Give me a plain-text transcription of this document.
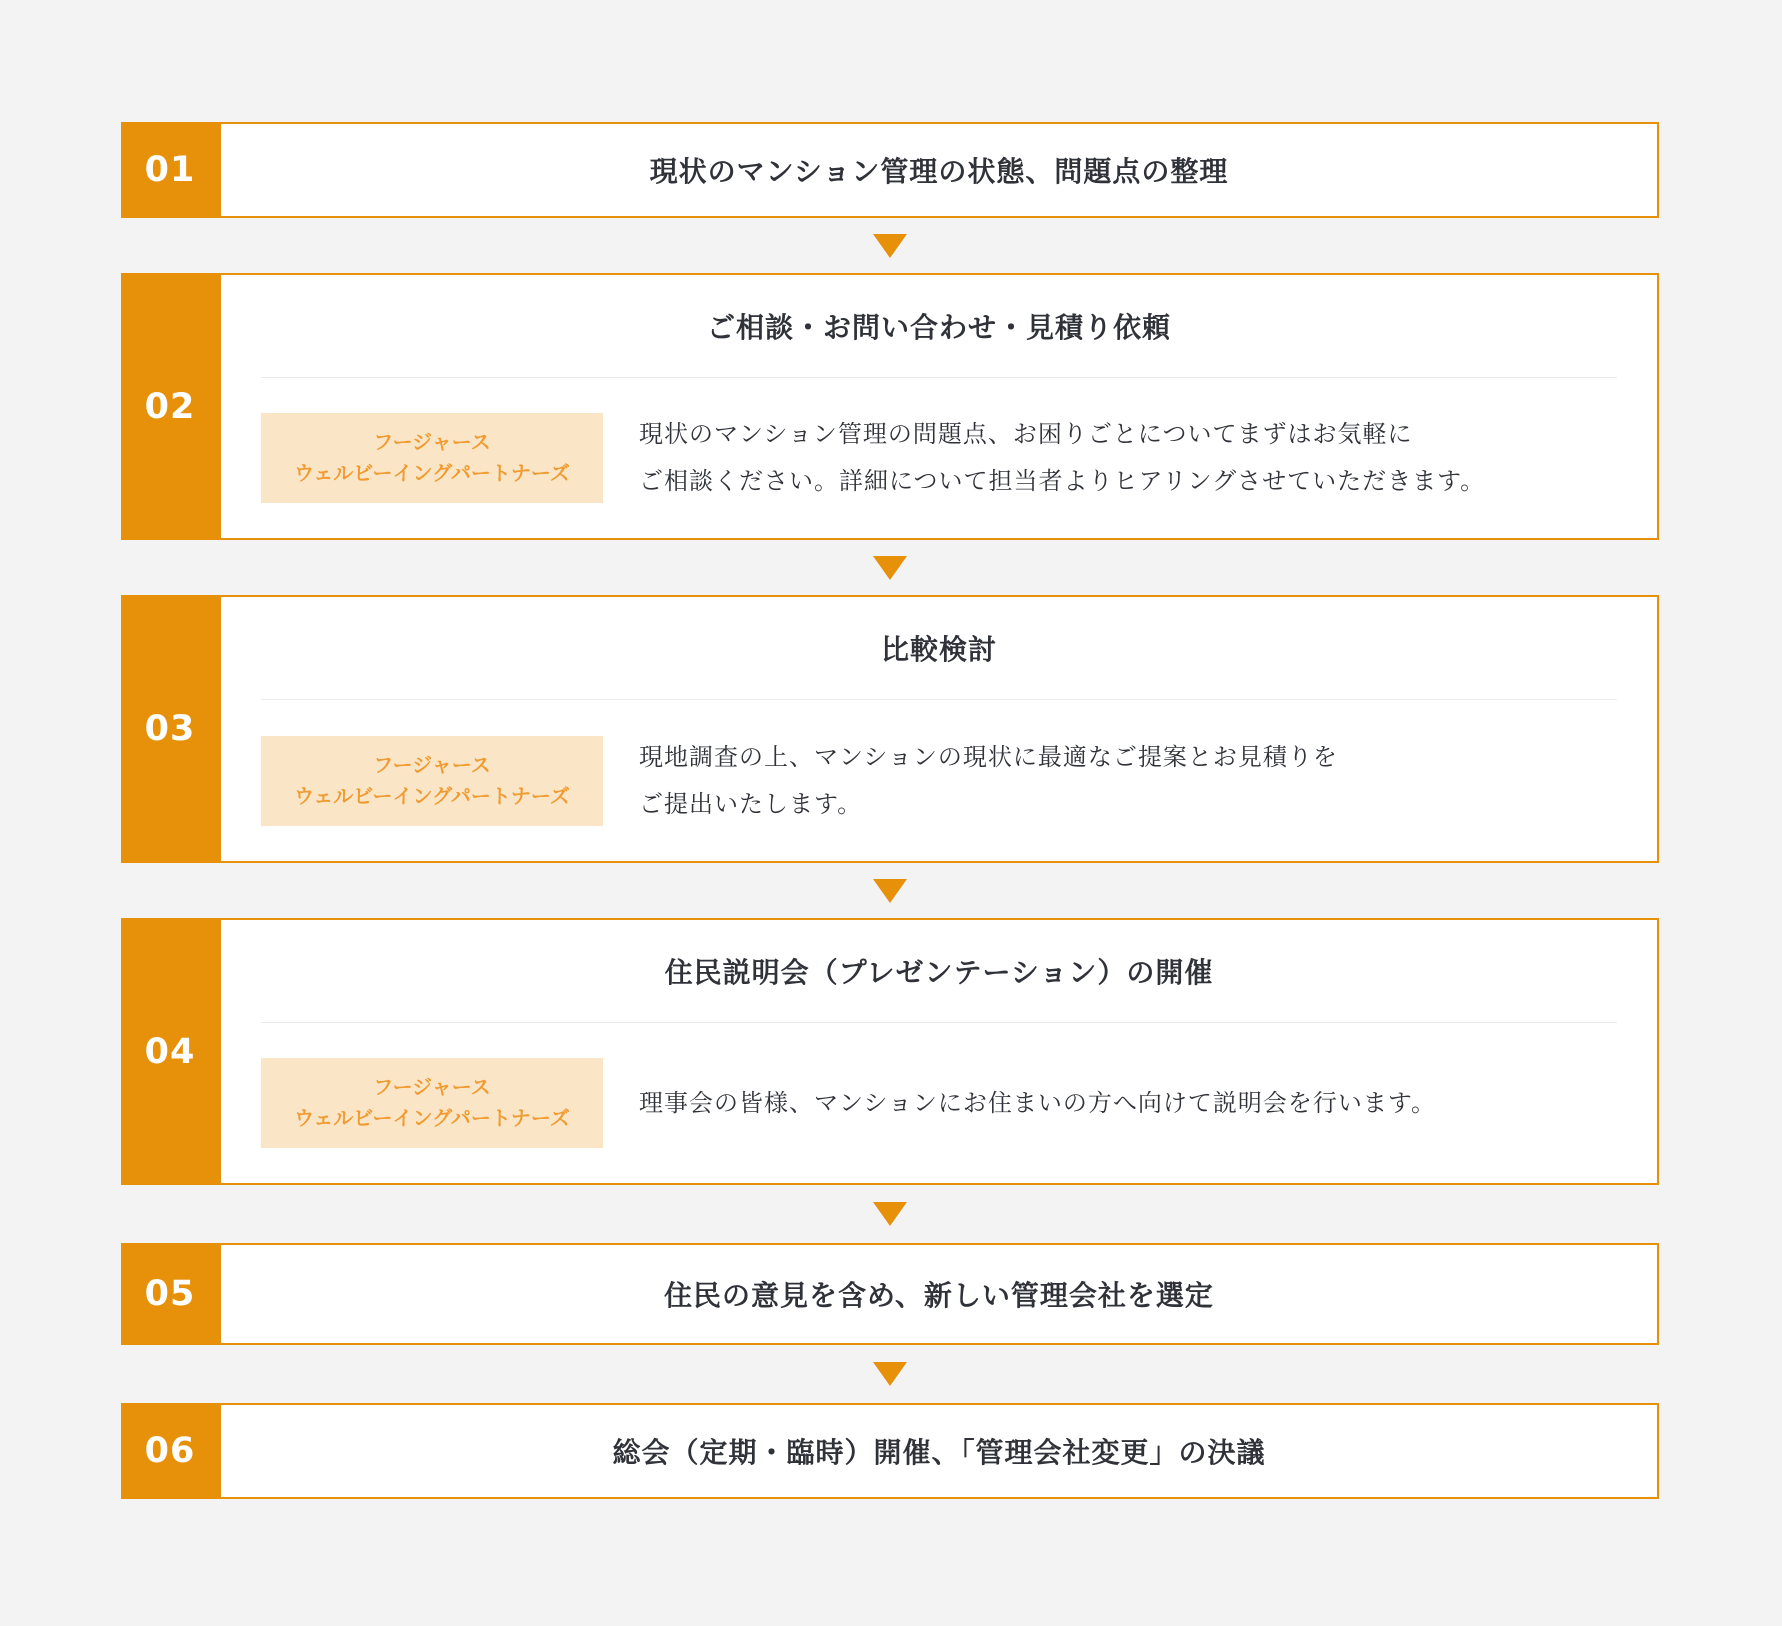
01	現状のマンション管理の状態、問題点の整理
02
ご相談・お問い合わせ・見積り依頼
フージャース
ウェルビーイングパートナーズ
現状のマンション管理の問題点、お困りごとについてまずはお気軽に
ご相談ください。詳細について担当者よりヒアリングさせていただきます。
03
比較検討
フージャース
ウェルビーイングパートナーズ
現地調査の上、マンションの現状に最適なご提案とお見積りを
ご提出いたします。
04
住民説明会（プレゼンテーション）の開催
フージャース
ウェルビーイングパートナーズ
理事会の皆様、マンションにお住まいの方へ向けて説明会を行います。
05	住民の意見を含め、新しい管理会社を選定
06	総会（定期・臨時）開催、「管理会社変更」の決議
